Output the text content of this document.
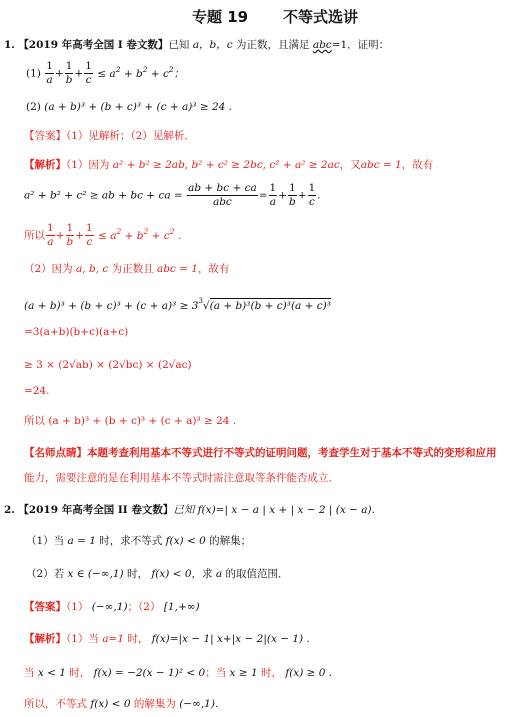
专题 19 不等式选讲
1. 【2019 年高考全国 I 卷文数】已知 a，b，c 为正数，且满足 abc=1．证明：
$(1) \frac{1}{a} + \frac{1}{b} + \frac{1}{c} \le a^2 + b^2 + c^2$；
(2) (a + b)³ + (b + c)³ + (c + a)³ ≥ 24 .
【答案】（1）见解析；（2）见解析．
【解析】（1）因为 a² + b² ≥ 2ab, b² + c² ≥ 2bc, c² + a² ≥ 2ac，又abc = 1，故有
a² + b² + c² ≥ ab + bc + ca = $\frac{ab + bc + ca}{\text{abc}} = \frac{1}{a} + \frac{1}{b} + \frac{1}{c}$ .
所以 $\frac{1}{a} + \frac{1}{b} + \frac{1}{c} \le a^2 + b^2 + c^2$ .
（2）因为 a, b, c 为正数且 abc = 1，故有
$(a + b)^3 + (b + c)^3 + (c + a)^3 \ge 3^3√(a + b)^3(b + c)^3(a + c)^3$
=3(a+b)(b+c)(a+c)
≥ 3 × (2√ab) × (2√bc) × (2√ac)
=24.
所以 (a + b)³ + (b + c)³ + (c + a)³ ≥ 24 .
【名师点睛】本题考查利用基本不等式进行不等式的证明问题，考查学生对于基本不等式的变形和应用
能力，需要注意的是在利用基本不等式时需注意取等条件能否成立．
2. 【2019 年高考全国 II 卷文数】已知 f(x)=| x − a | x + | x − 2 | (x − a).
（1）当 a = 1 时，求不等式 f(x) < 0 的解集；
（2）若 x ∈ (−∞,1) 时， f(x) < 0，求 a 的取值范围．
【答案】（1） (−∞,1)；（2） [1,+∞)
【解析】（1）当 a=1 时， f(x)=|x − 1| x+|x − 2|(x − 1) .
当 x < 1 时， f(x) = −2(x − 1)² < 0；当 x ≥ 1 时， f(x) ≥ 0 .
所以，不等式 f(x) < 0 的解集为 (−∞,1).
